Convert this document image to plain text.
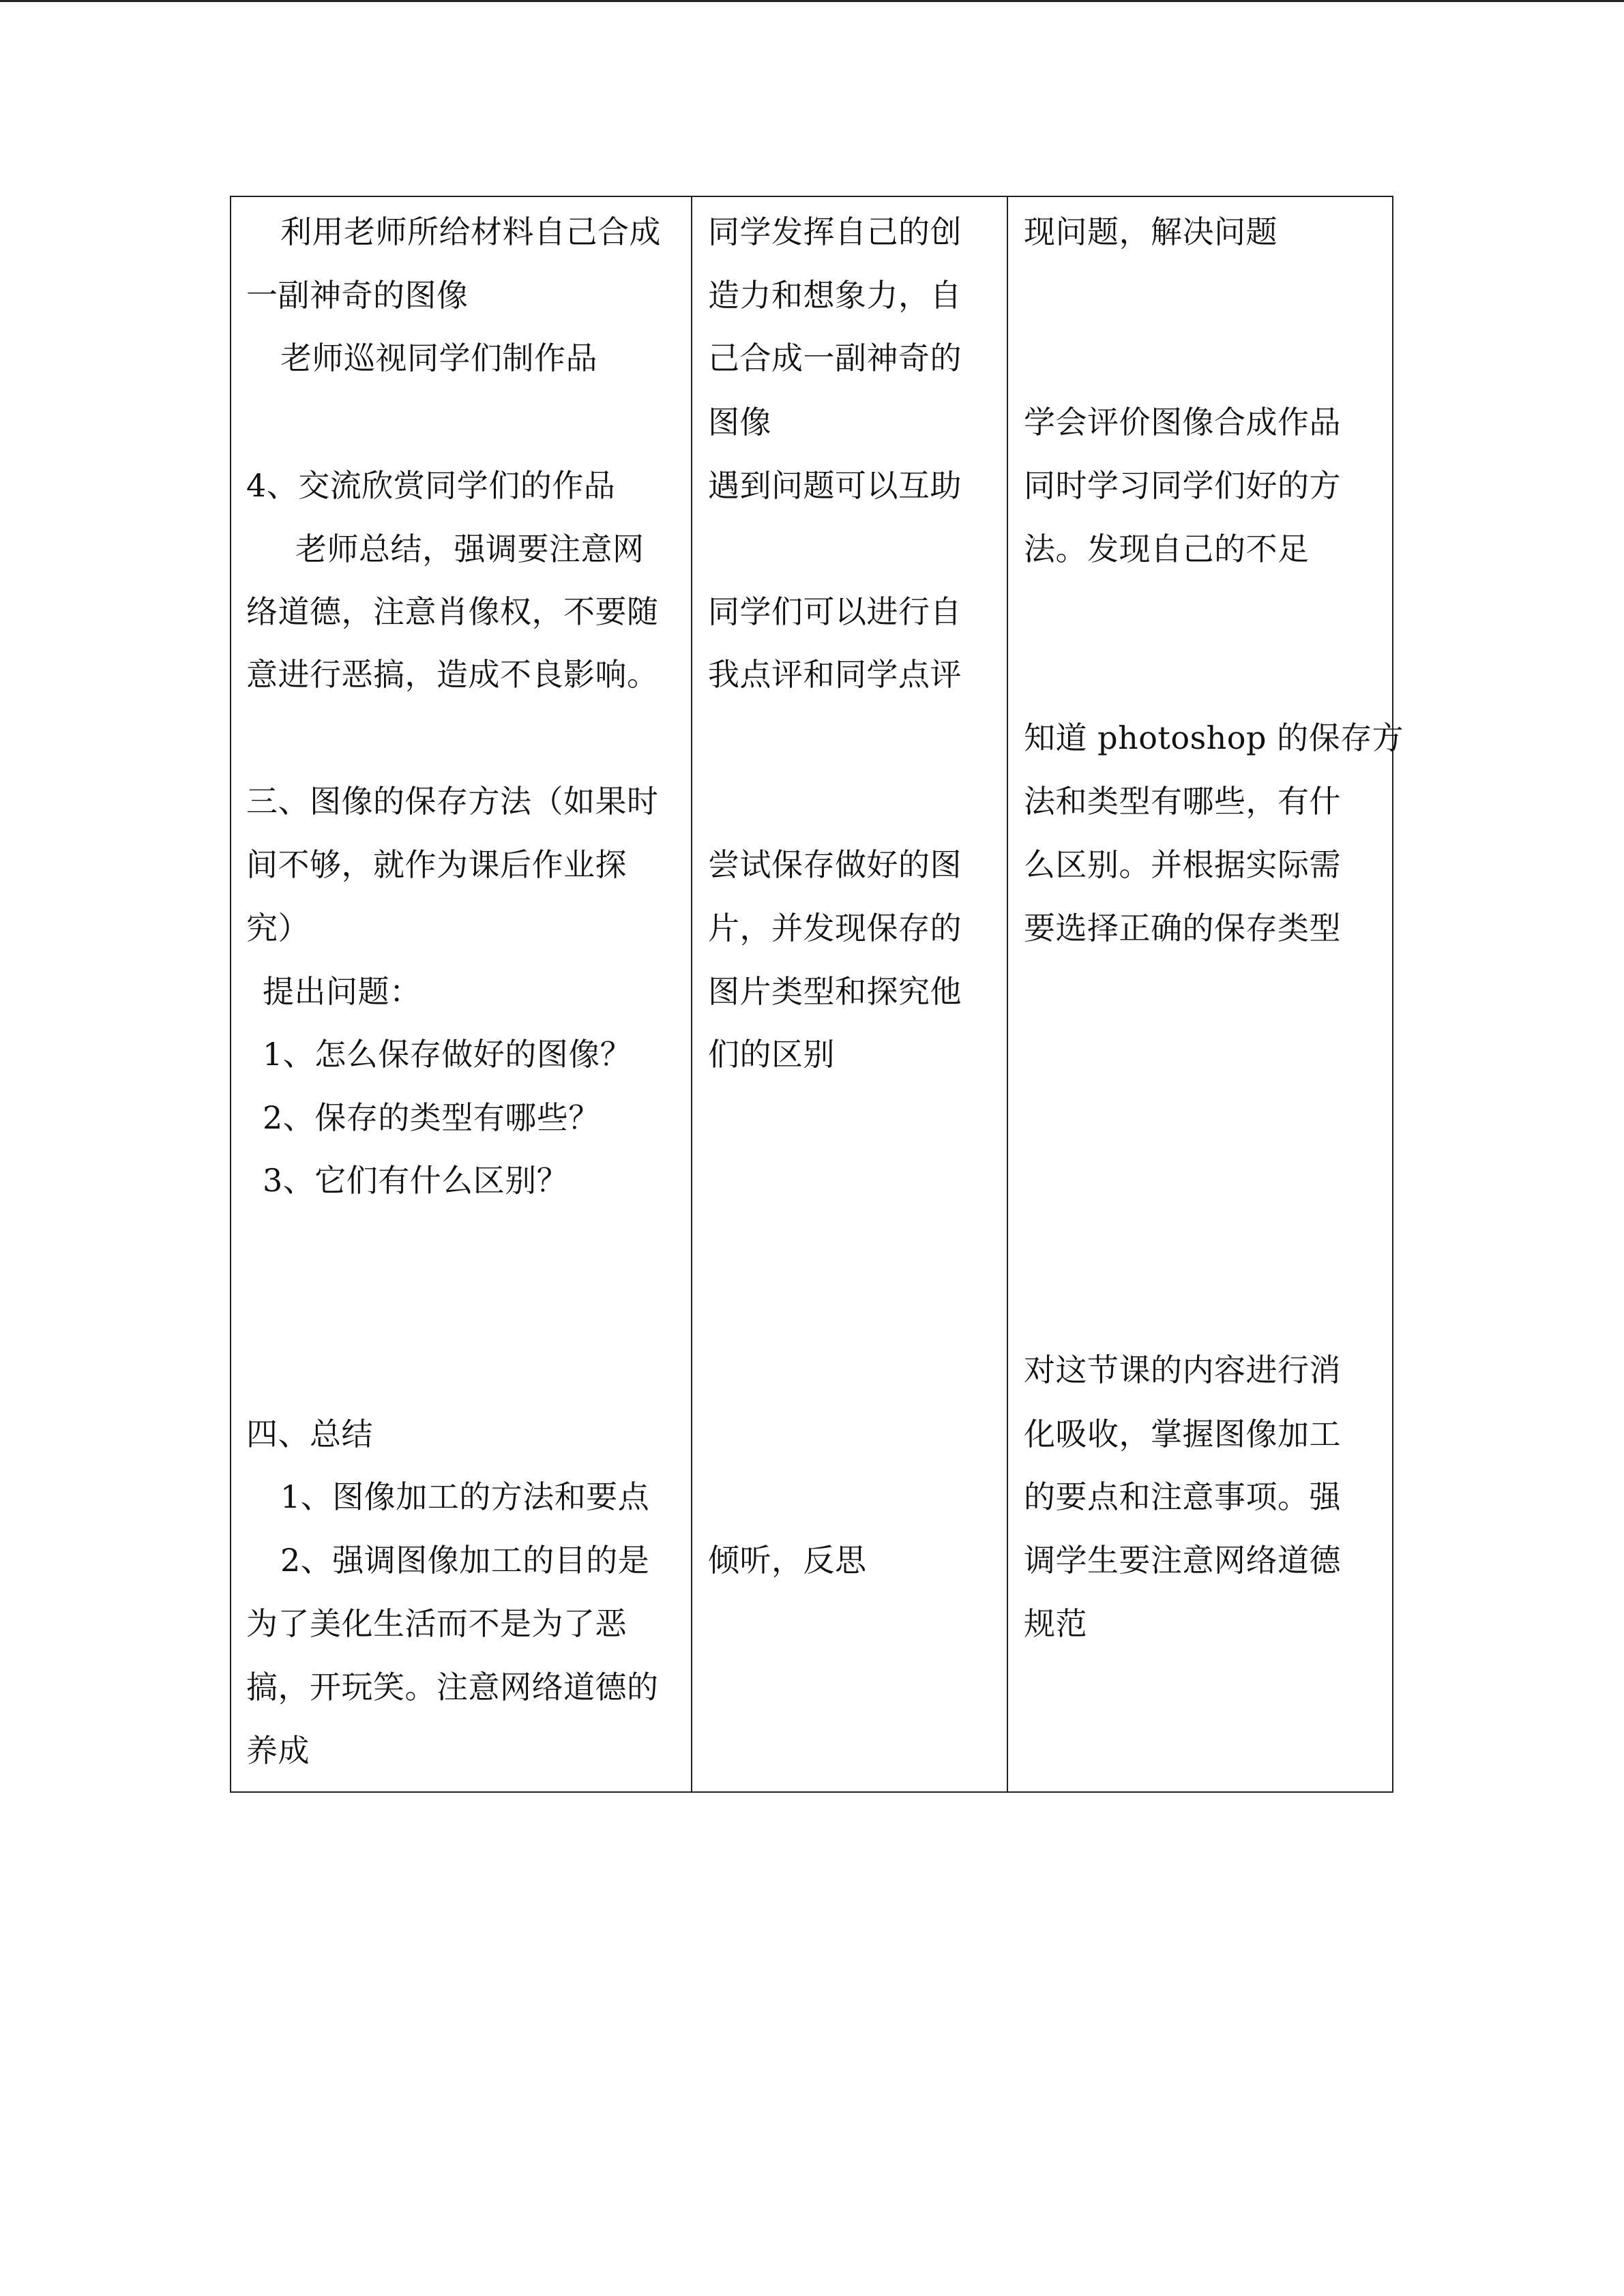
利用老师所给材料自己合成
一副神奇的图像
老师巡视同学们制作品
4、交流欣赏同学们的作品
老师总结，强调要注意网
络道德，注意肖像权，不要随
意进行恶搞，造成不良影响。
三、图像的保存方法（如果时
间不够，就作为课后作业探
究）
提出问题：
1、怎么保存做好的图像？
2、保存的类型有哪些？
3、它们有什么区别？
四、总结
1、图像加工的方法和要点
2、强调图像加工的目的是
为了美化生活而不是为了恶
搞，开玩笑。注意网络道德的
养成
同学发挥自己的创
造力和想象力，自
己合成一副神奇的
图像
遇到问题可以互助
同学们可以进行自
我点评和同学点评
尝试保存做好的图
片，并发现保存的
图片类型和探究他
们的区别
倾听，反思
现问题，解决问题
学会评价图像合成作品
同时学习同学们好的方
法。发现自己的不足
知道 photoshop 的保存方
法和类型有哪些，有什
么区别。并根据实际需
要选择正确的保存类型
对这节课的内容进行消
化吸收，掌握图像加工
的要点和注意事项。强
调学生要注意网络道德
规范
